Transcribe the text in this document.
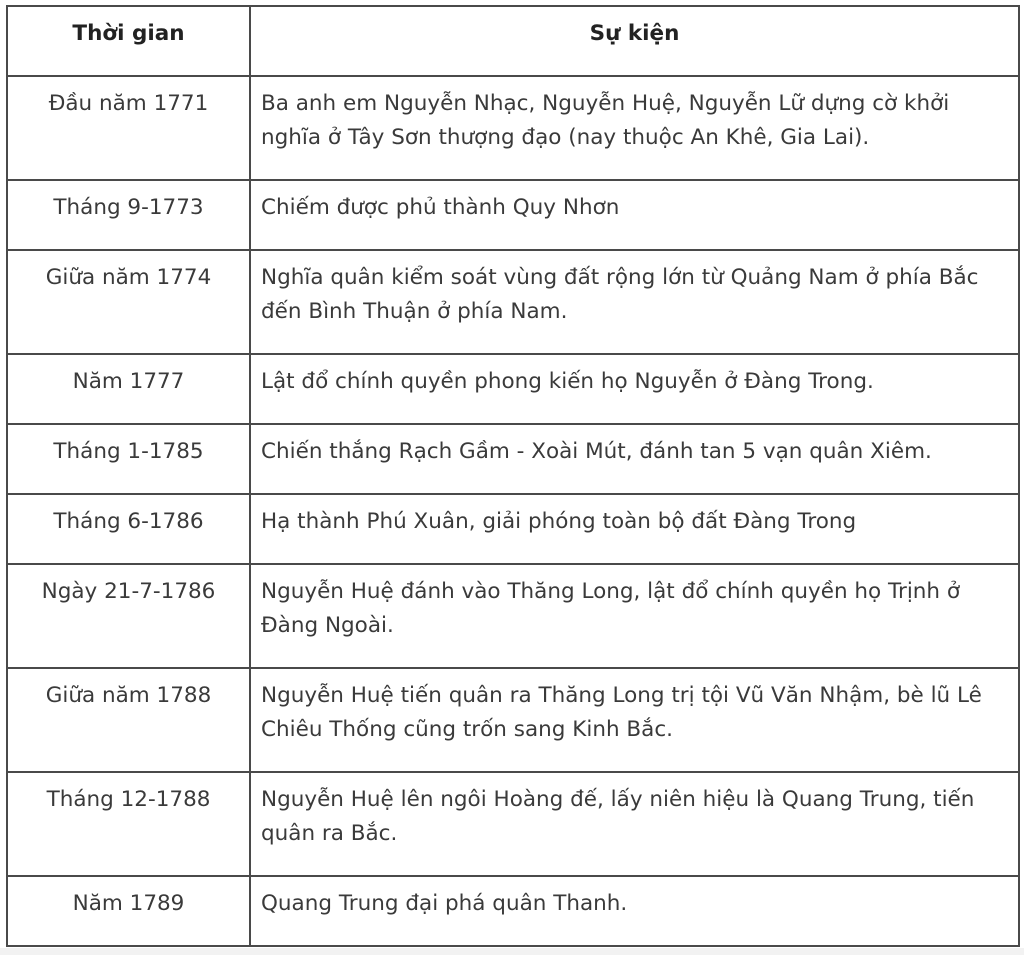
Thời gian	Sự kiện
Đầu năm 1771	Ba anh em Nguyễn Nhạc, Nguyễn Huệ, Nguyễn Lữ dựng cờ khởi nghĩa ở Tây Sơn thượng đạo (nay thuộc An Khê, Gia Lai).
Tháng 9-1773	Chiếm được phủ thành Quy Nhơn
Giữa năm 1774	Nghĩa quân kiểm soát vùng đất rộng lớn từ Quảng Nam ở phía Bắc đến Bình Thuận ở phía Nam.
Năm 1777	Lật đổ chính quyền phong kiến họ Nguyễn ở Đàng Trong.
Tháng 1-1785	Chiến thắng Rạch Gầm - Xoài Mút, đánh tan 5 vạn quân Xiêm.
Tháng 6-1786	Hạ thành Phú Xuân, giải phóng toàn bộ đất Đàng Trong
Ngày 21-7-1786	Nguyễn Huệ đánh vào Thăng Long, lật đổ chính quyền họ Trịnh ở Đàng Ngoài.
Giữa năm 1788	Nguyễn Huệ tiến quân ra Thăng Long trị tội Vũ Văn Nhậm, bè lũ Lê Chiêu Thống cũng trốn sang Kinh Bắc.
Tháng 12-1788	Nguyễn Huệ lên ngôi Hoàng đế, lấy niên hiệu là Quang Trung, tiến quân ra Bắc.
Năm 1789	Quang Trung đại phá quân Thanh.
